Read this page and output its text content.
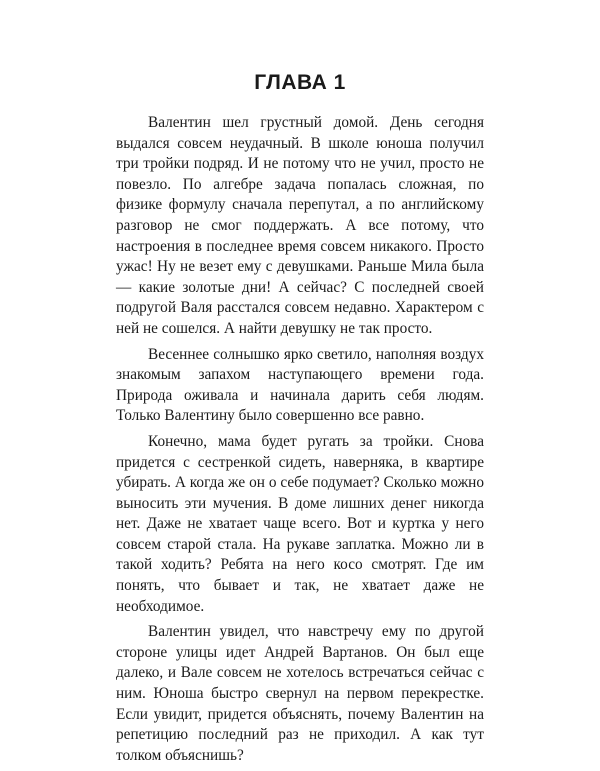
ГЛАВА 1

Валентин шел грустный домой. День сегодня выдался совсем неудачный. В школе юноша получил три тройки подряд. И не потому что не учил, просто не повезло. По алгебре задача попалась сложная, по физике формулу сначала перепутал, а по английскому разговор не смог поддержать. А все потому, что настроения в последнее время совсем никакого. Просто ужас! Ну не везет ему с девушками. Раньше Мила была — какие золотые дни! А сейчас? С последней своей подругой Валя расстался совсем недавно. Характером с ней не сошелся. А найти девушку не так просто.

Весеннее солнышко ярко светило, наполняя воздух знакомым запахом наступающего времени года. Природа оживала и начинала дарить себя людям. Только Валентину было совершенно все равно.

Конечно, мама будет ругать за тройки. Снова придется с сестренкой сидеть, наверняка, в квартире убирать. А когда же он о себе подумает? Сколько можно выносить эти мучения. В доме лишних денег никогда нет. Даже не хватает чаще всего. Вот и куртка у него совсем старой стала. На рукаве заплатка. Можно ли в такой ходить? Ребята на него косо смотрят. Где им понять, что бывает и так, не хватает даже не необходимое.

Валентин увидел, что навстречу ему по другой стороне улицы идет Андрей Вартанов. Он был еще далеко, и Вале совсем не хотелось встречаться сейчас с ним. Юноша быстро свернул на первом перекрестке. Если увидит, придется объяснять, почему Валентин на репетицию последний раз не приходил. А как тут толком объяснишь?
